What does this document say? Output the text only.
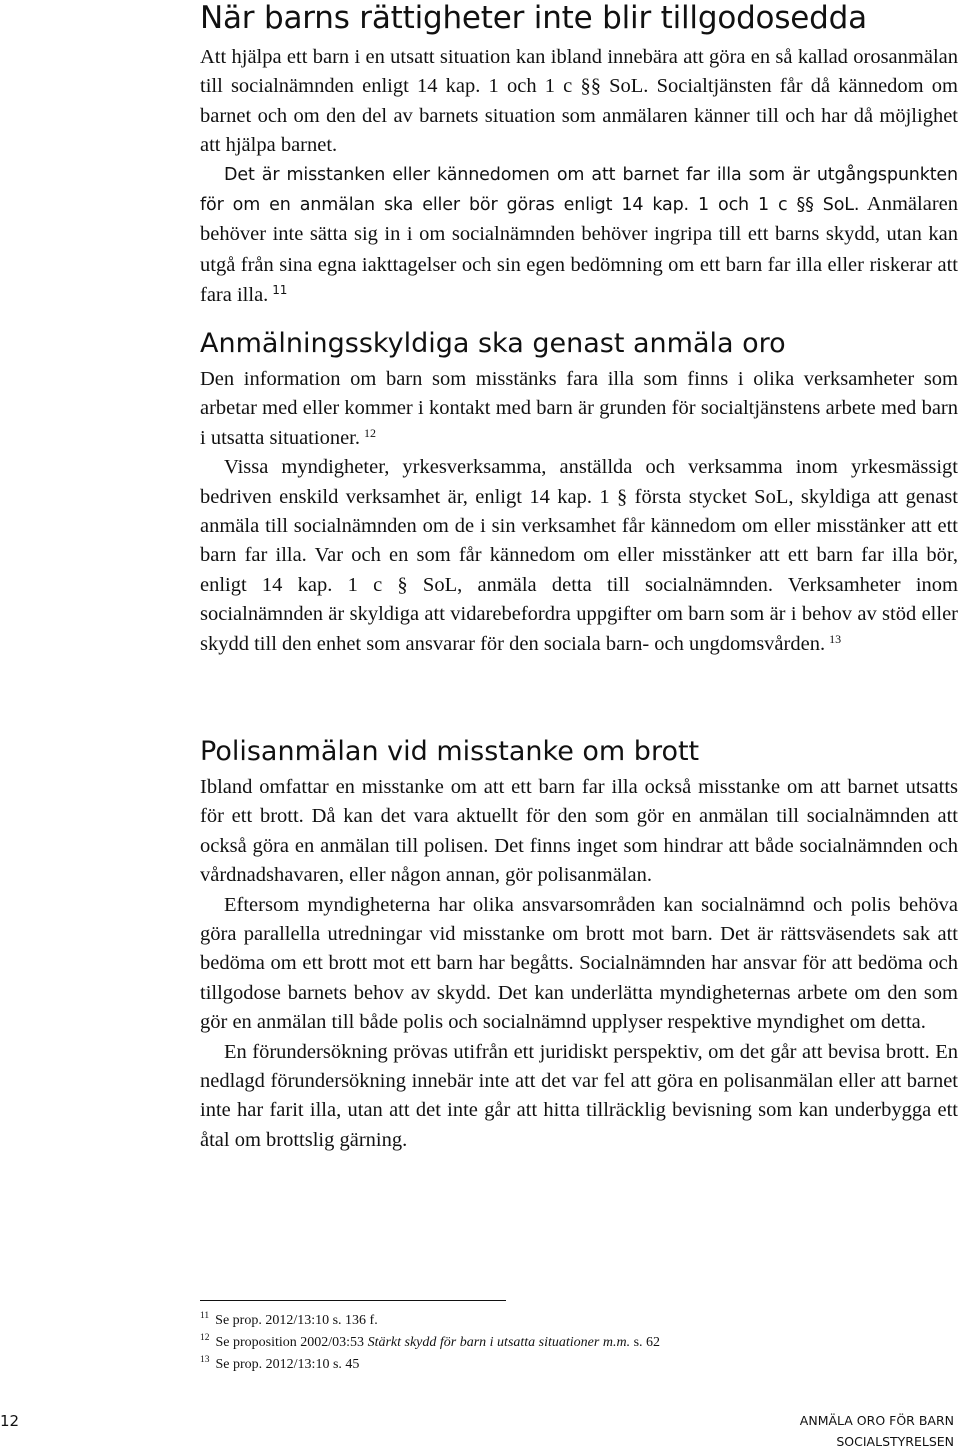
När barns rättigheter inte blir tillgodosedda

Att hjälpa ett barn i en utsatt situation kan ibland innebära att göra en så kallad orosanmälan till socialnämnden enligt 14 kap. 1 och 1 c §§ SoL. Socialtjänsten får då kännedom om barnet och om den del av barnets situation som anmälaren känner till och har då möjlighet att hjälpa barnet.

Det är misstanken eller kännedomen om att barnet far illa som är utgångspunkten för om en anmälan ska eller bör göras enligt 14 kap. 1 och 1 c §§ SoL. Anmälaren behöver inte sätta sig in i om socialnämnden behöver ingripa till ett barns skydd, utan kan utgå från sina egna iakttagelser och sin egen bedömning om ett barn far illa eller riskerar att fara illa. $^{11}$

Anmälningsskyldiga ska genast anmäla oro

Den information om barn som misstänks fara illa som finns i olika verksamheter som arbetar med eller kommer i kontakt med barn är grunden för socialtjänstens arbete med barn i utsatta situationer. $^{12}$

Vissa myndigheter, yrkesverksamma, anställda och verksamma inom yrkesmässigt bedriven enskild verksamhet är, enligt 14 kap. 1 § första stycket SoL, skyldiga att genast anmäla till socialnämnden om de i sin verksamhet får kännedom om eller misstänker att ett barn far illa. Var och en som får kännedom om eller misstänker att ett barn far illa bör, enligt 14 kap. 1 c § SoL, anmäla detta till socialnämnden. Verksamheter inom socialnämnden är skyldiga att vidarebefordra uppgifter om barn som är i behov av stöd eller skydd till den enhet som ansvarar för den sociala barn- och ungdomsvården. $^{13}$

Polisanmälan vid misstanke om brott

Ibland omfattar en misstanke om att ett barn far illa också misstanke om att barnet utsatts för ett brott. Då kan det vara aktuellt för den som gör en anmälan till socialnämnden att också göra en anmälan till polisen. Det finns inget som hindrar att både socialnämnden och vårdnadshavaren, eller någon annan, gör polisanmälan.

Eftersom myndigheterna har olika ansvarsområden kan socialnämnd och polis behöva göra parallella utredningar vid misstanke om brott mot barn. Det är rättsväsendets sak att bedöma om ett brott mot ett barn har begåtts. Socialnämnden har ansvar för att bedöma och tillgodose barnets behov av skydd. Det kan underlätta myndigheternas arbete om den som gör en anmälan till både polis och socialnämnd upplyser respektive myndighet om detta.

En förundersökning prövas utifrån ett juridiskt perspektiv, om det går att bevisa brott. En nedlagd förundersökning innebär inte att det var fel att göra en polisanmälan eller att barnet inte har farit illa, utan att det inte går att hitta tillräcklig bevisning som kan underbygga ett åtal om brottslig gärning.

$^{11}$ Se prop. 2012/13:10 s. 136 f.
$^{12}$ Se proposition 2002/03:53 Stärkt skydd för barn i utsatta situationer m.m. s. 62
$^{13}$ Se prop. 2012/13:10 s. 45
12	ANMÄLA ORO FÖR BARN
SOCIALSTYRELSEN
